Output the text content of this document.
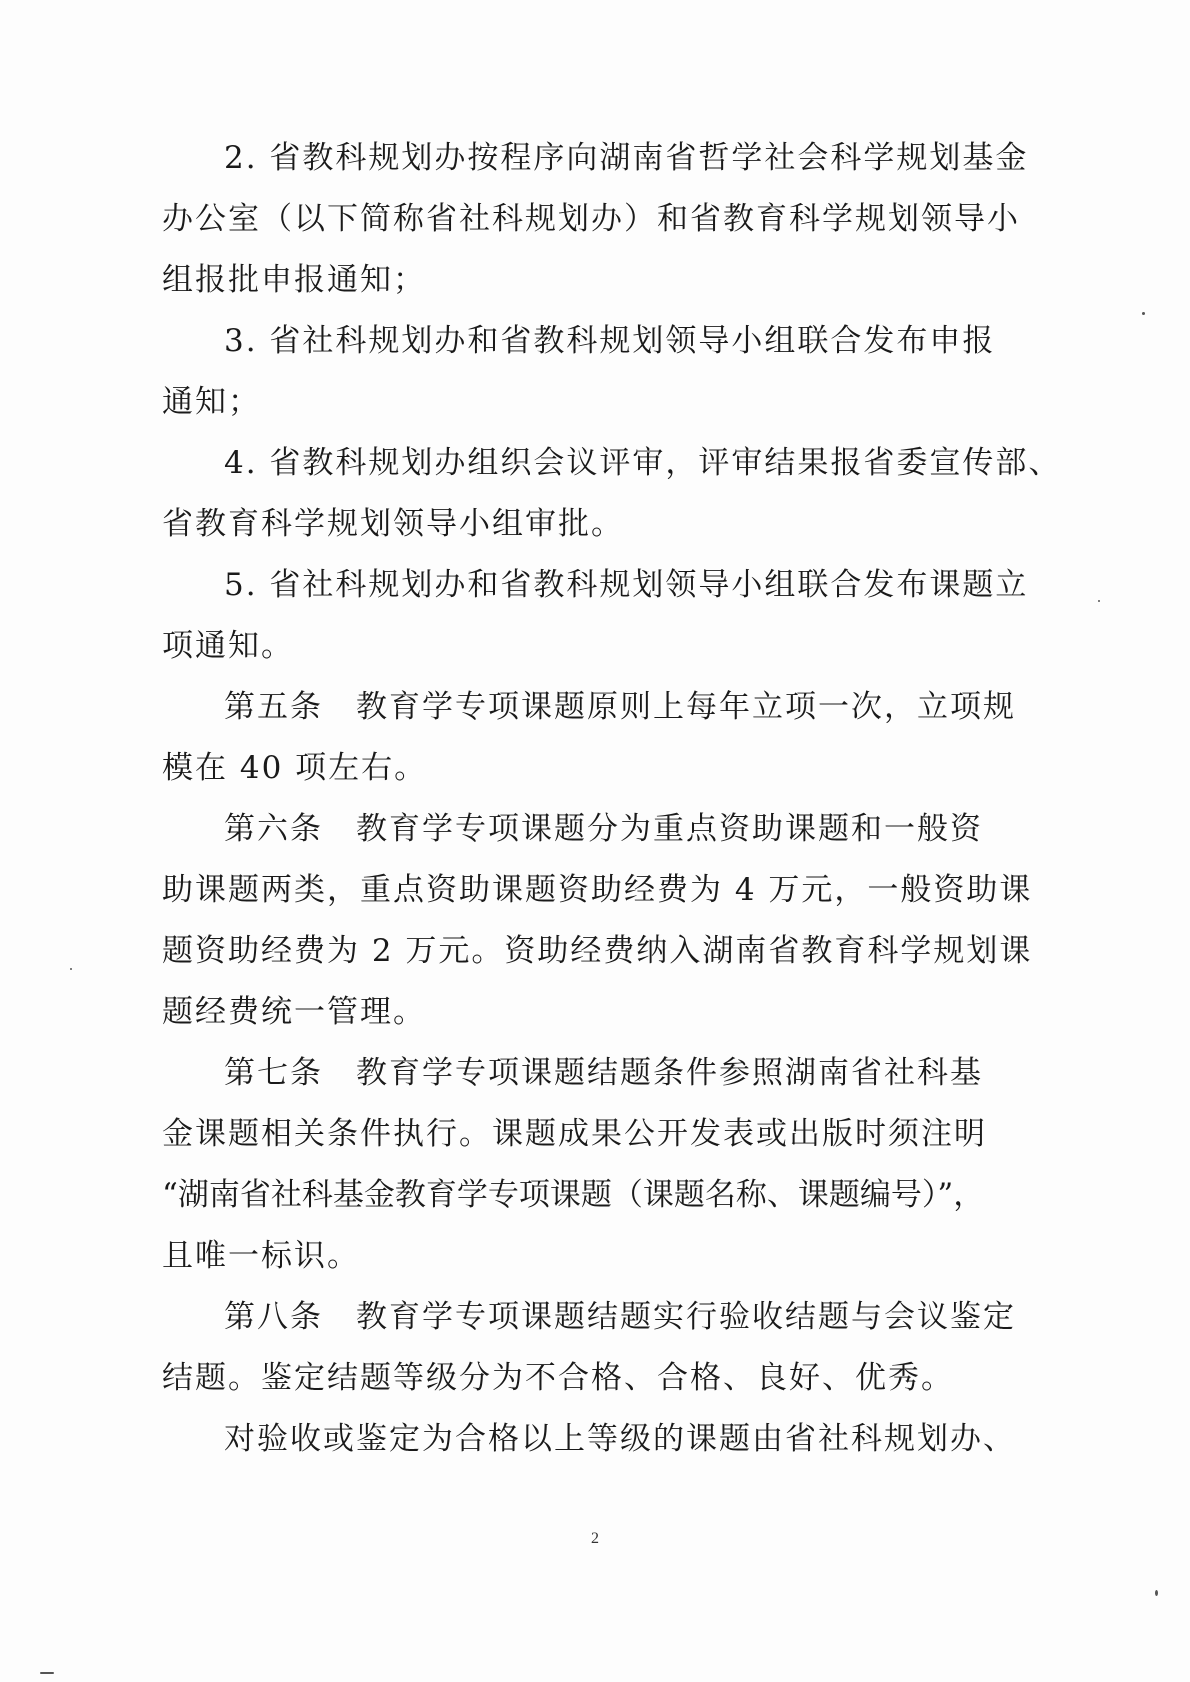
2. 省教科规划办按程序向湖南省哲学社会科学规划基金
办公室（以下简称省社科规划办）和省教育科学规划领导小
组报批申报通知；
3. 省社科规划办和省教科规划领导小组联合发布申报
通知；
4. 省教科规划办组织会议评审，评审结果报省委宣传部、
省教育科学规划领导小组审批。
5. 省社科规划办和省教科规划领导小组联合发布课题立
项通知。
第五条　教育学专项课题原则上每年立项一次，立项规
模在 40 项左右。
第六条　教育学专项课题分为重点资助课题和一般资
助课题两类，重点资助课题资助经费为 4 万元，一般资助课
题资助经费为 2 万元。资助经费纳入湖南省教育科学规划课
题经费统一管理。
第七条　教育学专项课题结题条件参照湖南省社科基
金课题相关条件执行。课题成果公开发表或出版时须注明
“湖南省社科基金教育学专项课题（课题名称、课题编号）”，
且唯一标识。
第八条　教育学专项课题结题实行验收结题与会议鉴定
结题。鉴定结题等级分为不合格、合格、良好、优秀。
对验收或鉴定为合格以上等级的课题由省社科规划办、
2
